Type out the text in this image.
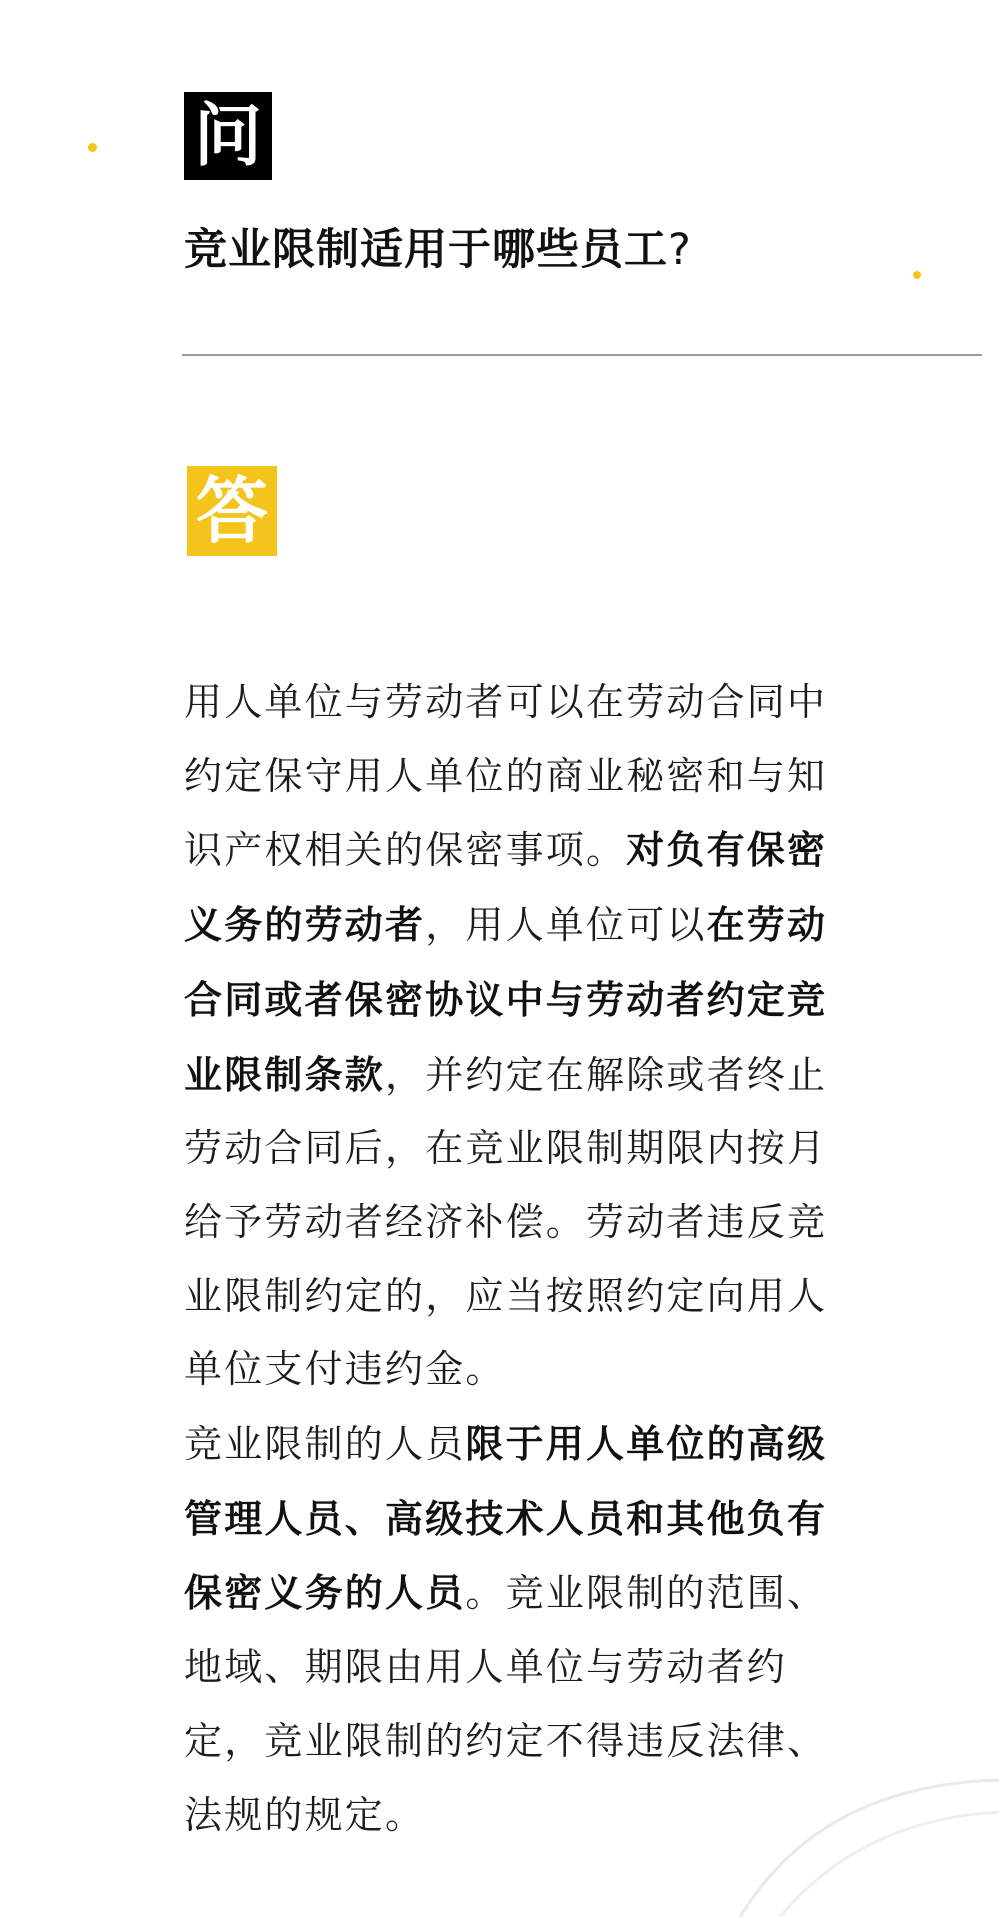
问
竞业限制适用于哪些员工?
答

用人单位与劳动者可以在劳动合同中约定保守用人单位的商业秘密和与知识产权相关的保密事项。对负有保密义务的劳动者，用人单位可以在劳动合同或者保密协议中与劳动者约定竞业限制条款，并约定在解除或者终止劳动合同后，在竞业限制期限内按月给予劳动者经济补偿。劳动者违反竞业限制约定的，应当按照约定向用人单位支付违约金。

竞业限制的人员限于用人单位的高级管理人员、高级技术人员和其他负有保密义务的人员。竞业限制的范围、地域、期限由用人单位与劳动者约定，竞业限制的约定不得违反法律、法规的规定。
